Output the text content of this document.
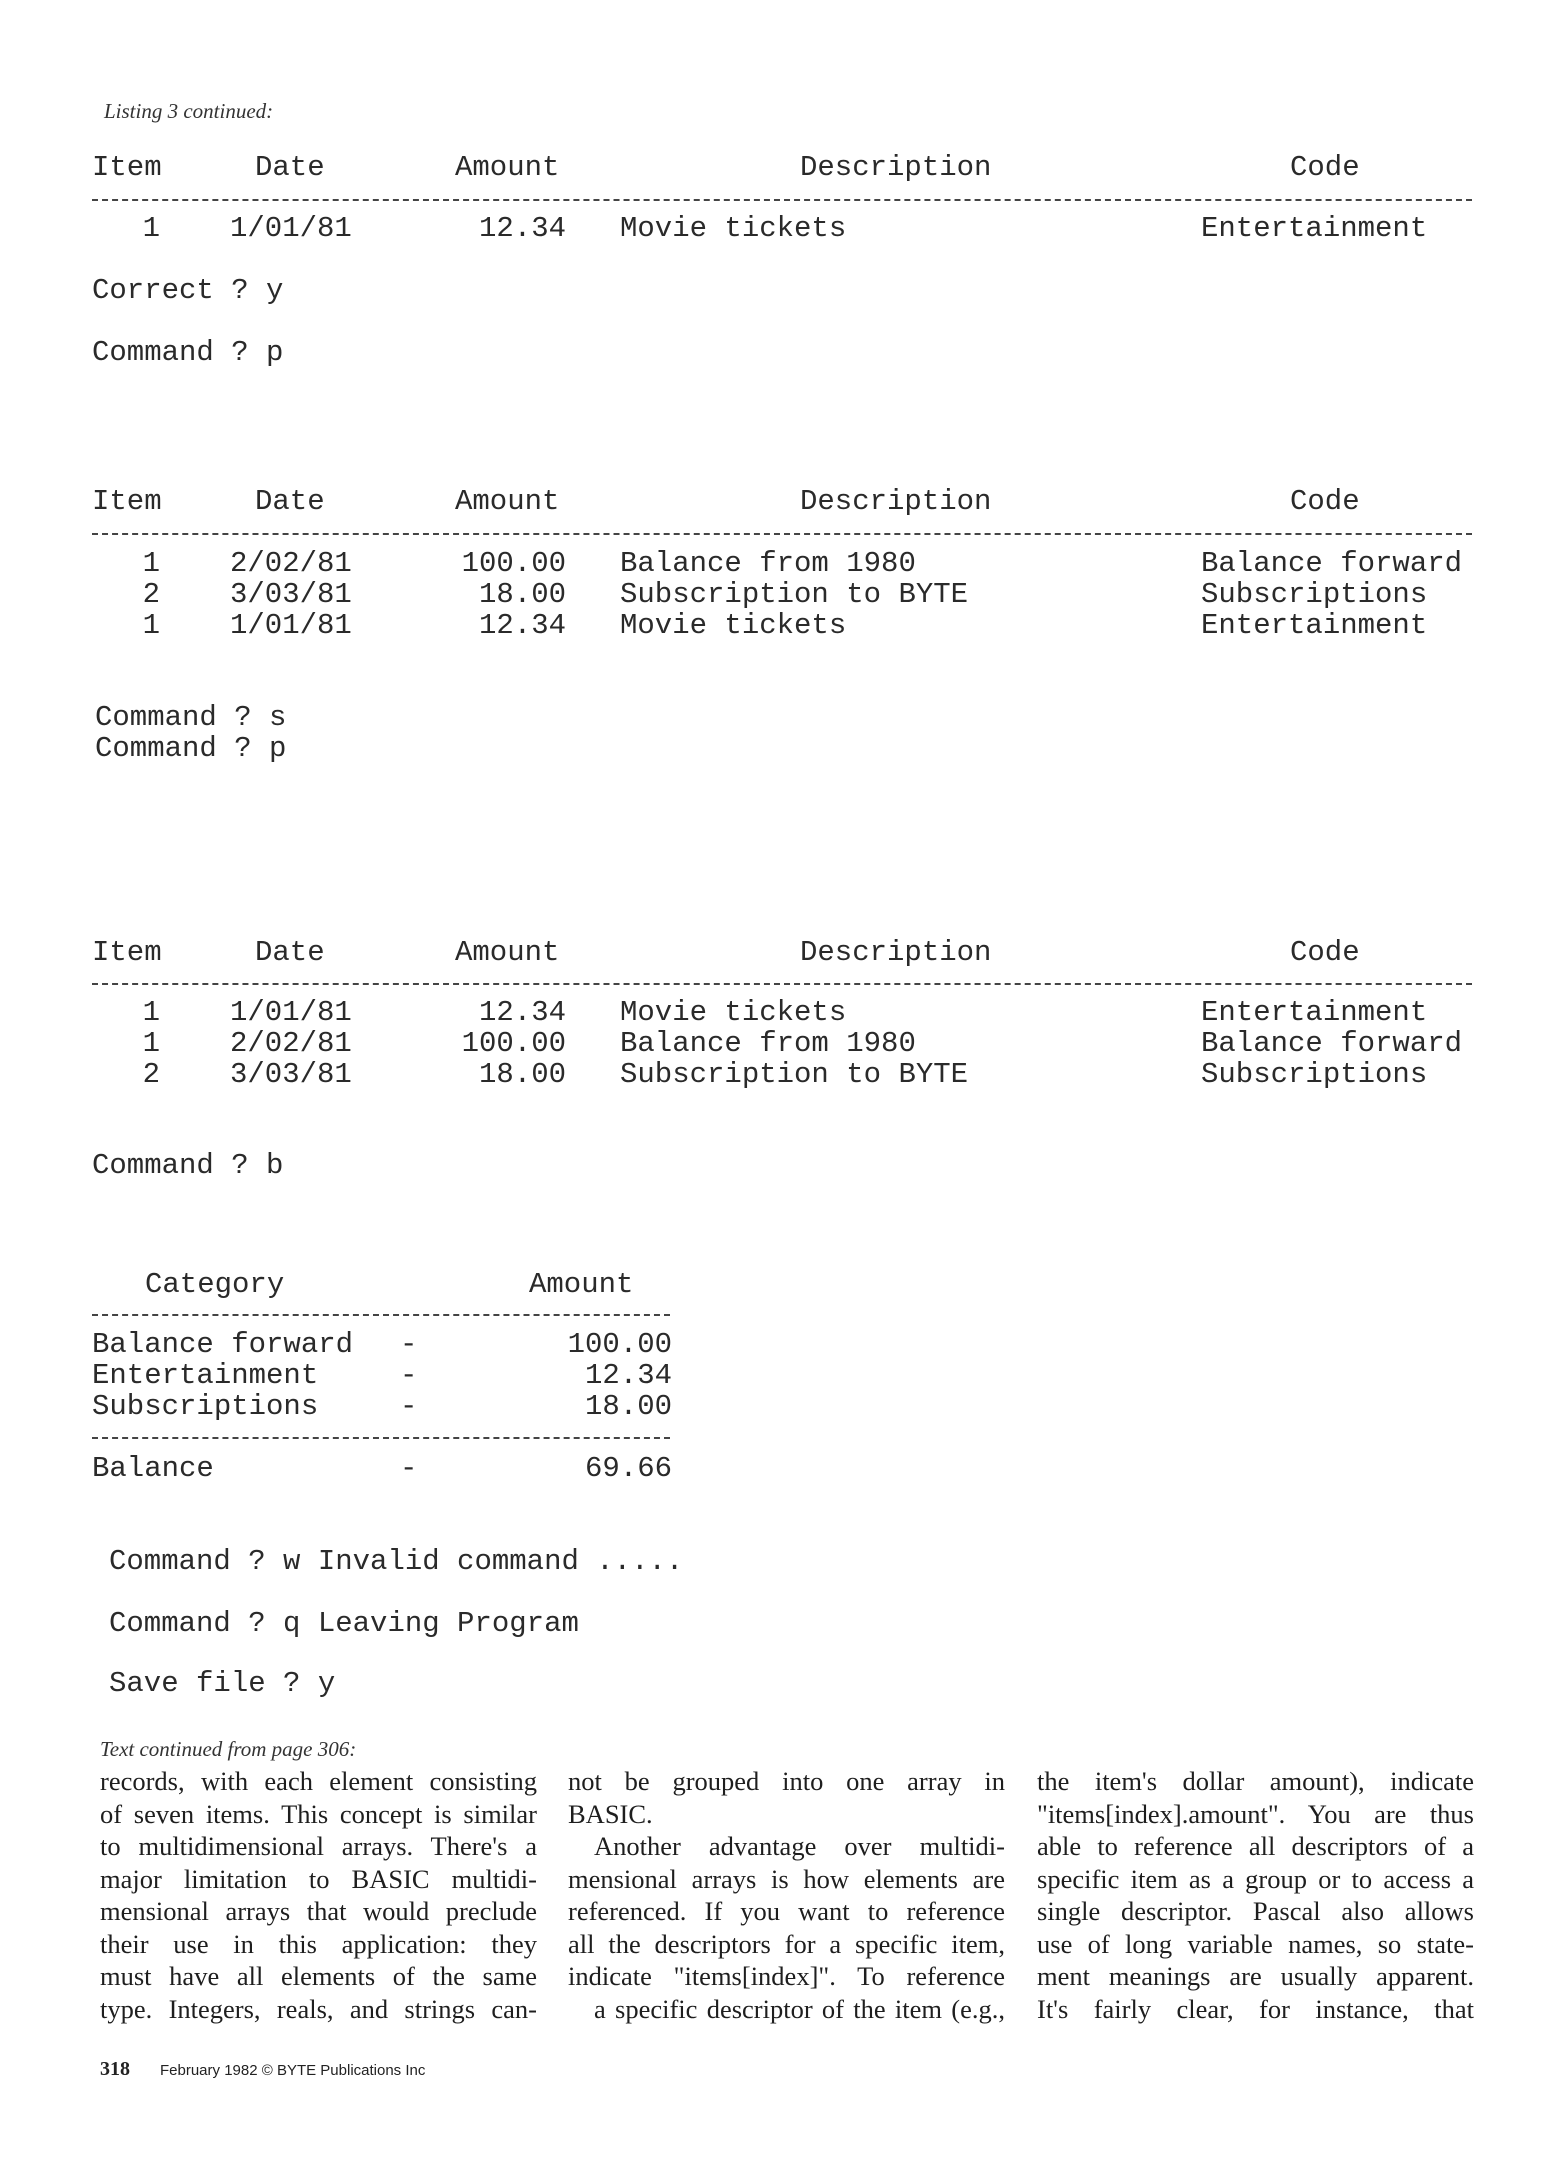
Listing 3 continued:
Item	Date	Amount	Description	Code
1 1/01/81	12.34 Movie tickets	Entertainment
Item	Date	Amount	Description	Code
1 2/02/81	100.00 Balance from 1980	Balance forward
2 3/03/81	18.00 Subscription to BYTE	Subscriptions
1 1/01/81	12.34 Movie tickets	Entertainment
Item	Date	Amount	Description	Code
1 1/01/81	12.34 Movie tickets	Entertainment
1 2/02/81	100.00 Balance from 1980	Balance forward
2 3/03/81	18.00 Subscription to BYTE	Subscriptions
Correct ? y
Command ? p
Command ? s
Command ? p
Command ? b
Category	Amount
Balance forward -	100.00
Entertainment	-	12.34
Subscriptions	-	18.00
Balance	-	69.66
Command ? w Invalid command .....
Command ? q Leaving Program
Save file ? y
Text continued from page 306:
records, with each element consisting
of seven items. This concept is similar
to multidimensional arrays. There's a
major limitation to BASIC multidi-
mensional arrays that would preclude
their use in this application: they
must have all elements of the same
type. Integers, reals, and strings can-
not be grouped into one array in
BASIC.
Another advantage over multidi-
mensional arrays is how elements are
referenced. If you want to reference
all the descriptors for a specific item,
indicate "items[index]". To reference
a specific descriptor of the item (e.g.,
the item's dollar amount), indicate
"items[index].amount". You are thus
able to reference all descriptors of a
specific item as a group or to access a
single descriptor. Pascal also allows
use of long variable names, so state-
ment meanings are usually apparent.
It's fairly clear, for instance, that
318 February 1982 © BYTE Publications Inc
